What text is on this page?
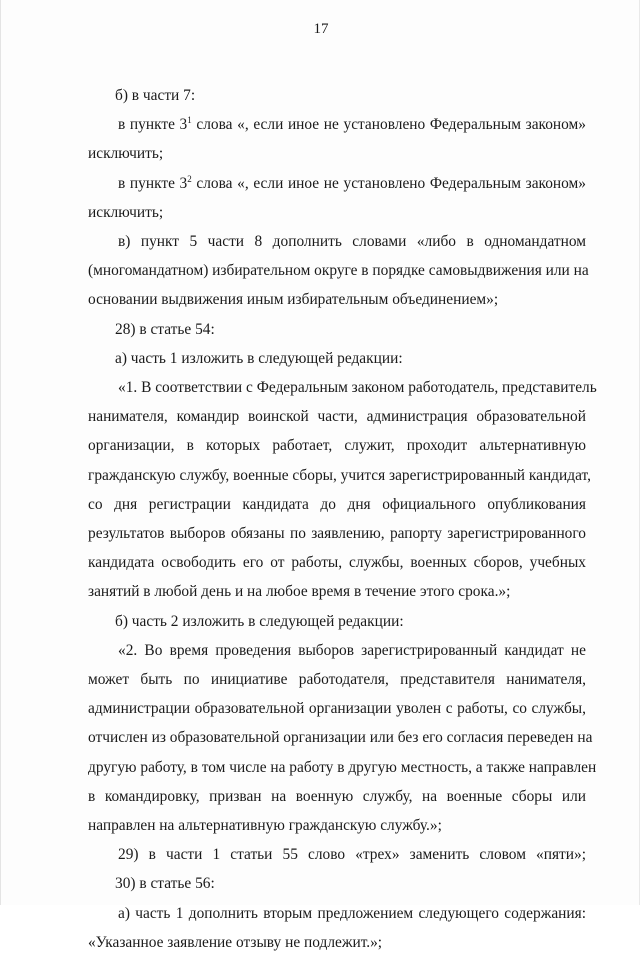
17
б) в части 7:
в пункте $3^1$ слова «, если иное не установлено Федеральным законом»
исключить;
в пункте $3^2$ слова «, если иное не установлено Федеральным законом»
исключить;
в) пункт 5 части 8 дополнить словами «либо в одномандатном
(многомандатном) избирательном округе в порядке самовыдвижения или на
основании выдвижения иным избирательным объединением»;
28) в статье 54:
а) часть 1 изложить в следующей редакции:
«1. В соответствии с Федеральным законом работодатель, представитель
нанимателя, командир воинской части, администрация образовательной
организации, в которых работает, служит, проходит альтернативную
гражданскую службу, военные сборы, учится зарегистрированный кандидат,
со дня регистрации кандидата до дня официального опубликования
результатов выборов обязаны по заявлению, рапорту зарегистрированного
кандидата освободить его от работы, службы, военных сборов, учебных
занятий в любой день и на любое время в течение этого срока.»;
б) часть 2 изложить в следующей редакции:
«2. Во время проведения выборов зарегистрированный кандидат не
может быть по инициативе работодателя, представителя нанимателя,
администрации образовательной организации уволен с работы, со службы,
отчислен из образовательной организации или без его согласия переведен на
другую работу, в том числе на работу в другую местность, а также направлен
в командировку, призван на военную службу, на военные сборы или
направлен на альтернативную гражданскую службу.»;
29) в части 1 статьи 55 слово «трех» заменить словом «пяти»;
30) в статье 56:
а) часть 1 дополнить вторым предложением следующего содержания:
«Указанное заявление отзыву не подлежит.»;
